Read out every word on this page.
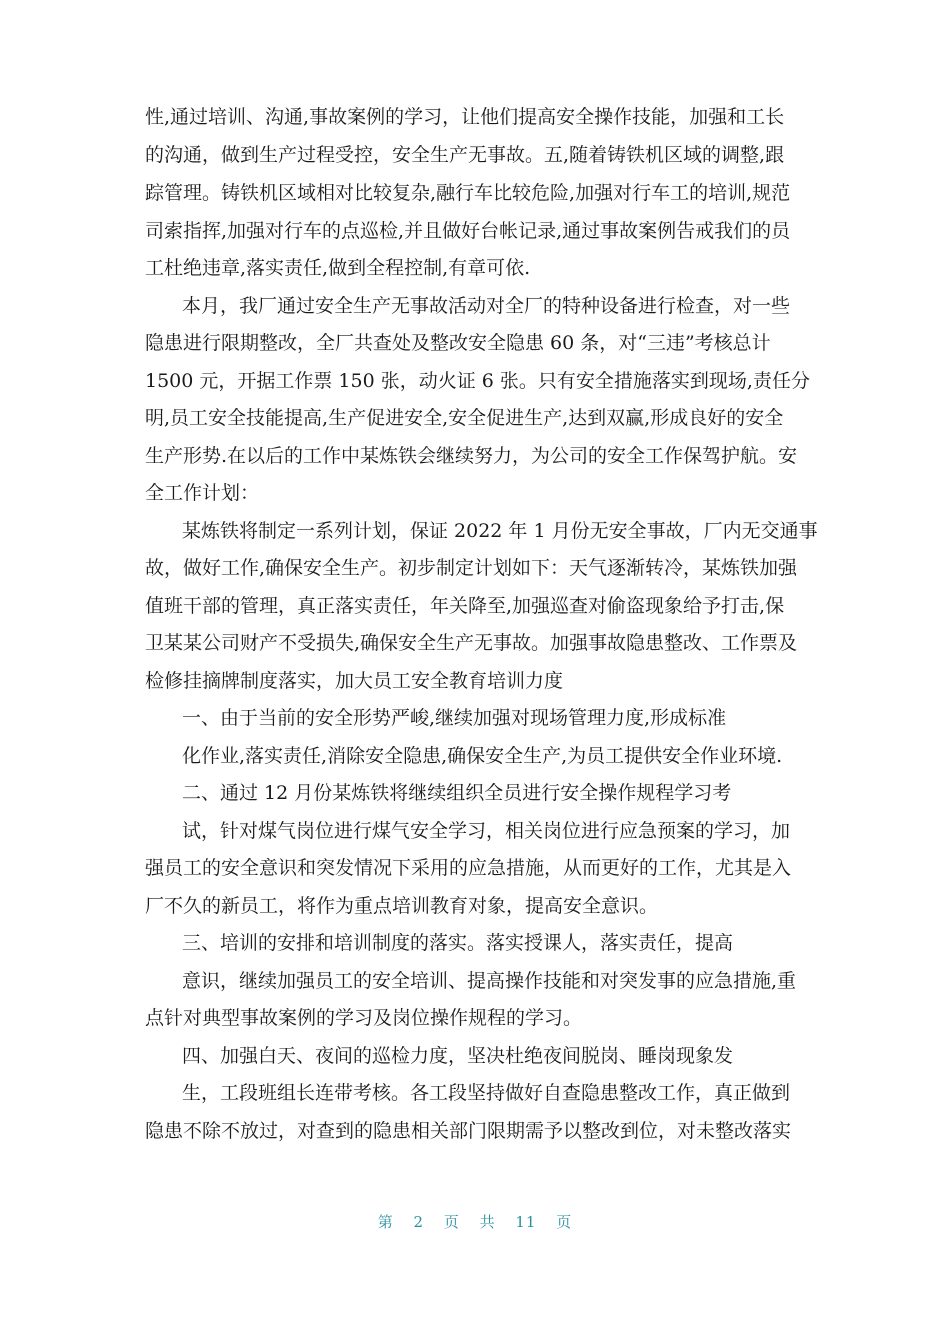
性,通过培训、沟通,事故案例的学习，让他们提高安全操作技能，加强和工长
的沟通，做到生产过程受控，安全生产无事故。五,随着铸铁机区域的调整,跟
踪管理。铸铁机区域相对比较复杂,融行车比较危险,加强对行车工的培训,规范
司索指挥,加强对行车的点巡检,并且做好台帐记录,通过事故案例告戒我们的员
工杜绝违章,落实责任,做到全程控制,有章可依.
本月，我厂通过安全生产无事故活动对全厂的特种设备进行检查，对一些
隐患进行限期整改，全厂共查处及整改安全隐患 60 条，对“三违”考核总计
1500 元，开据工作票 150 张，动火证 6 张。只有安全措施落实到现场,责任分
明,员工安全技能提高,生产促进安全,安全促进生产,达到双赢,形成良好的安全
生产形势.在以后的工作中某炼铁会继续努力，为公司的安全工作保驾护航。安
全工作计划：
某炼铁将制定一系列计划，保证 2022 年 1 月份无安全事故，厂内无交通事
故，做好工作,确保安全生产。初步制定计划如下：天气逐渐转冷，某炼铁加强
值班干部的管理，真正落实责任，年关降至,加强巡查对偷盗现象给予打击,保
卫某某公司财产不受损失,确保安全生产无事故。加强事故隐患整改、工作票及
检修挂摘牌制度落实，加大员工安全教育培训力度
一、由于当前的安全形势严峻,继续加强对现场管理力度,形成标准
化作业,落实责任,消除安全隐患,确保安全生产,为员工提供安全作业环境.
二、通过 12 月份某炼铁将继续组织全员进行安全操作规程学习考
试，针对煤气岗位进行煤气安全学习，相关岗位进行应急预案的学习，加
强员工的安全意识和突发情况下采用的应急措施，从而更好的工作，尤其是入
厂不久的新员工，将作为重点培训教育对象，提高安全意识。
三、培训的安排和培训制度的落实。落实授课人，落实责任，提高
意识，继续加强员工的安全培训、提高操作技能和对突发事的应急措施,重
点针对典型事故案例的学习及岗位操作规程的学习。
四、加强白天、夜间的巡检力度，坚决杜绝夜间脱岗、睡岗现象发
生，工段班组长连带考核。各工段坚持做好自查隐患整改工作，真正做到
隐患不除不放过，对查到的隐患相关部门限期需予以整改到位，对未整改落实
第 2 页 共 11 页
